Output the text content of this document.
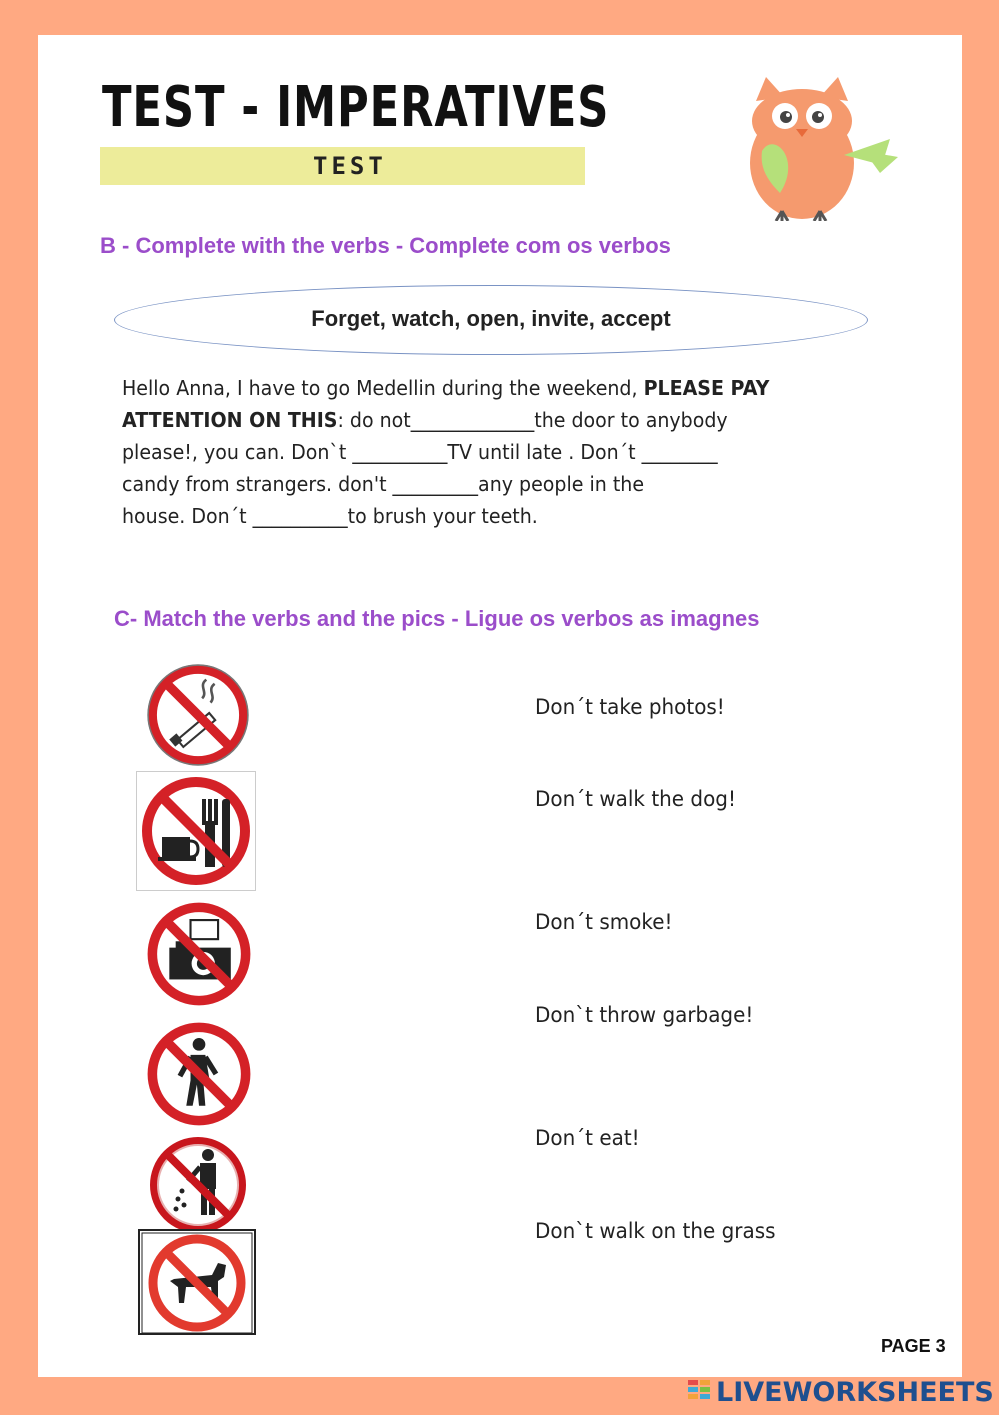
TEST - IMPERATIVES
TEST
B - Complete with the verbs - Complete com os verbos
Forget, watch, open, invite, accept
Hello Anna, I have to go Medellin during the weekend, PLEASE PAY
ATTENTION ON THIS: do not_____________the door to anybody
please!, you can. Don`t __________TV until late . Don´t ________
candy from strangers. don't _________any people in the
house. Don´t __________to brush your teeth.
C- Match the verbs and the pics - Ligue os verbos as imagnes
Don´t take photos!
Don´t walk the dog!
Don´t smoke!
Don`t throw garbage!
Don´t eat!
Don`t walk on the grass
PAGE 3
LIVEWORKSHEETS
